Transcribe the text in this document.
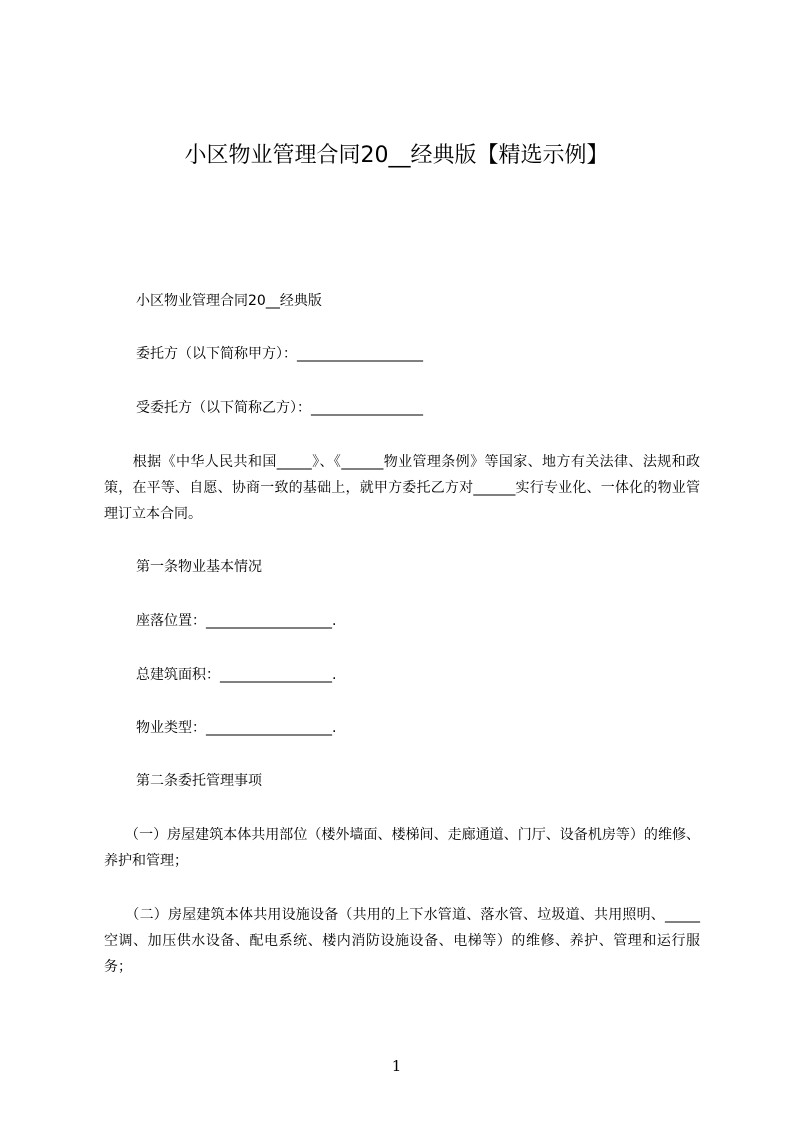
小区物业管理合同20__经典版【精选示例】
小区物业管理合同20__经典版
委托方（以下简称甲方）：__________________
受委托方（以下简称乙方）：________________
　　根据《中华人民共和国_____》、《______物业管理条例》等国家、地方有关法律、法规和政策，在平等、自愿、协商一致的基础上，就甲方委托乙方对______实行专业化、一体化的物业管理订立本合同。
第一条物业基本情况
座落位置：__________________.
总建筑面积：________________.
物业类型：__________________.
第二条委托管理事项
　　（一）房屋建筑本体共用部位（楼外墙面、楼梯间、走廊通道、门厅、设备机房等）的维修、养护和管理；
　　（二）房屋建筑本体共用设施设备（共用的上下水管道、落水管、垃圾道、共用照明、_____空调、加压供水设备、配电系统、楼内消防设施设备、电梯等）的维修、养护、管理和运行服务；
1
